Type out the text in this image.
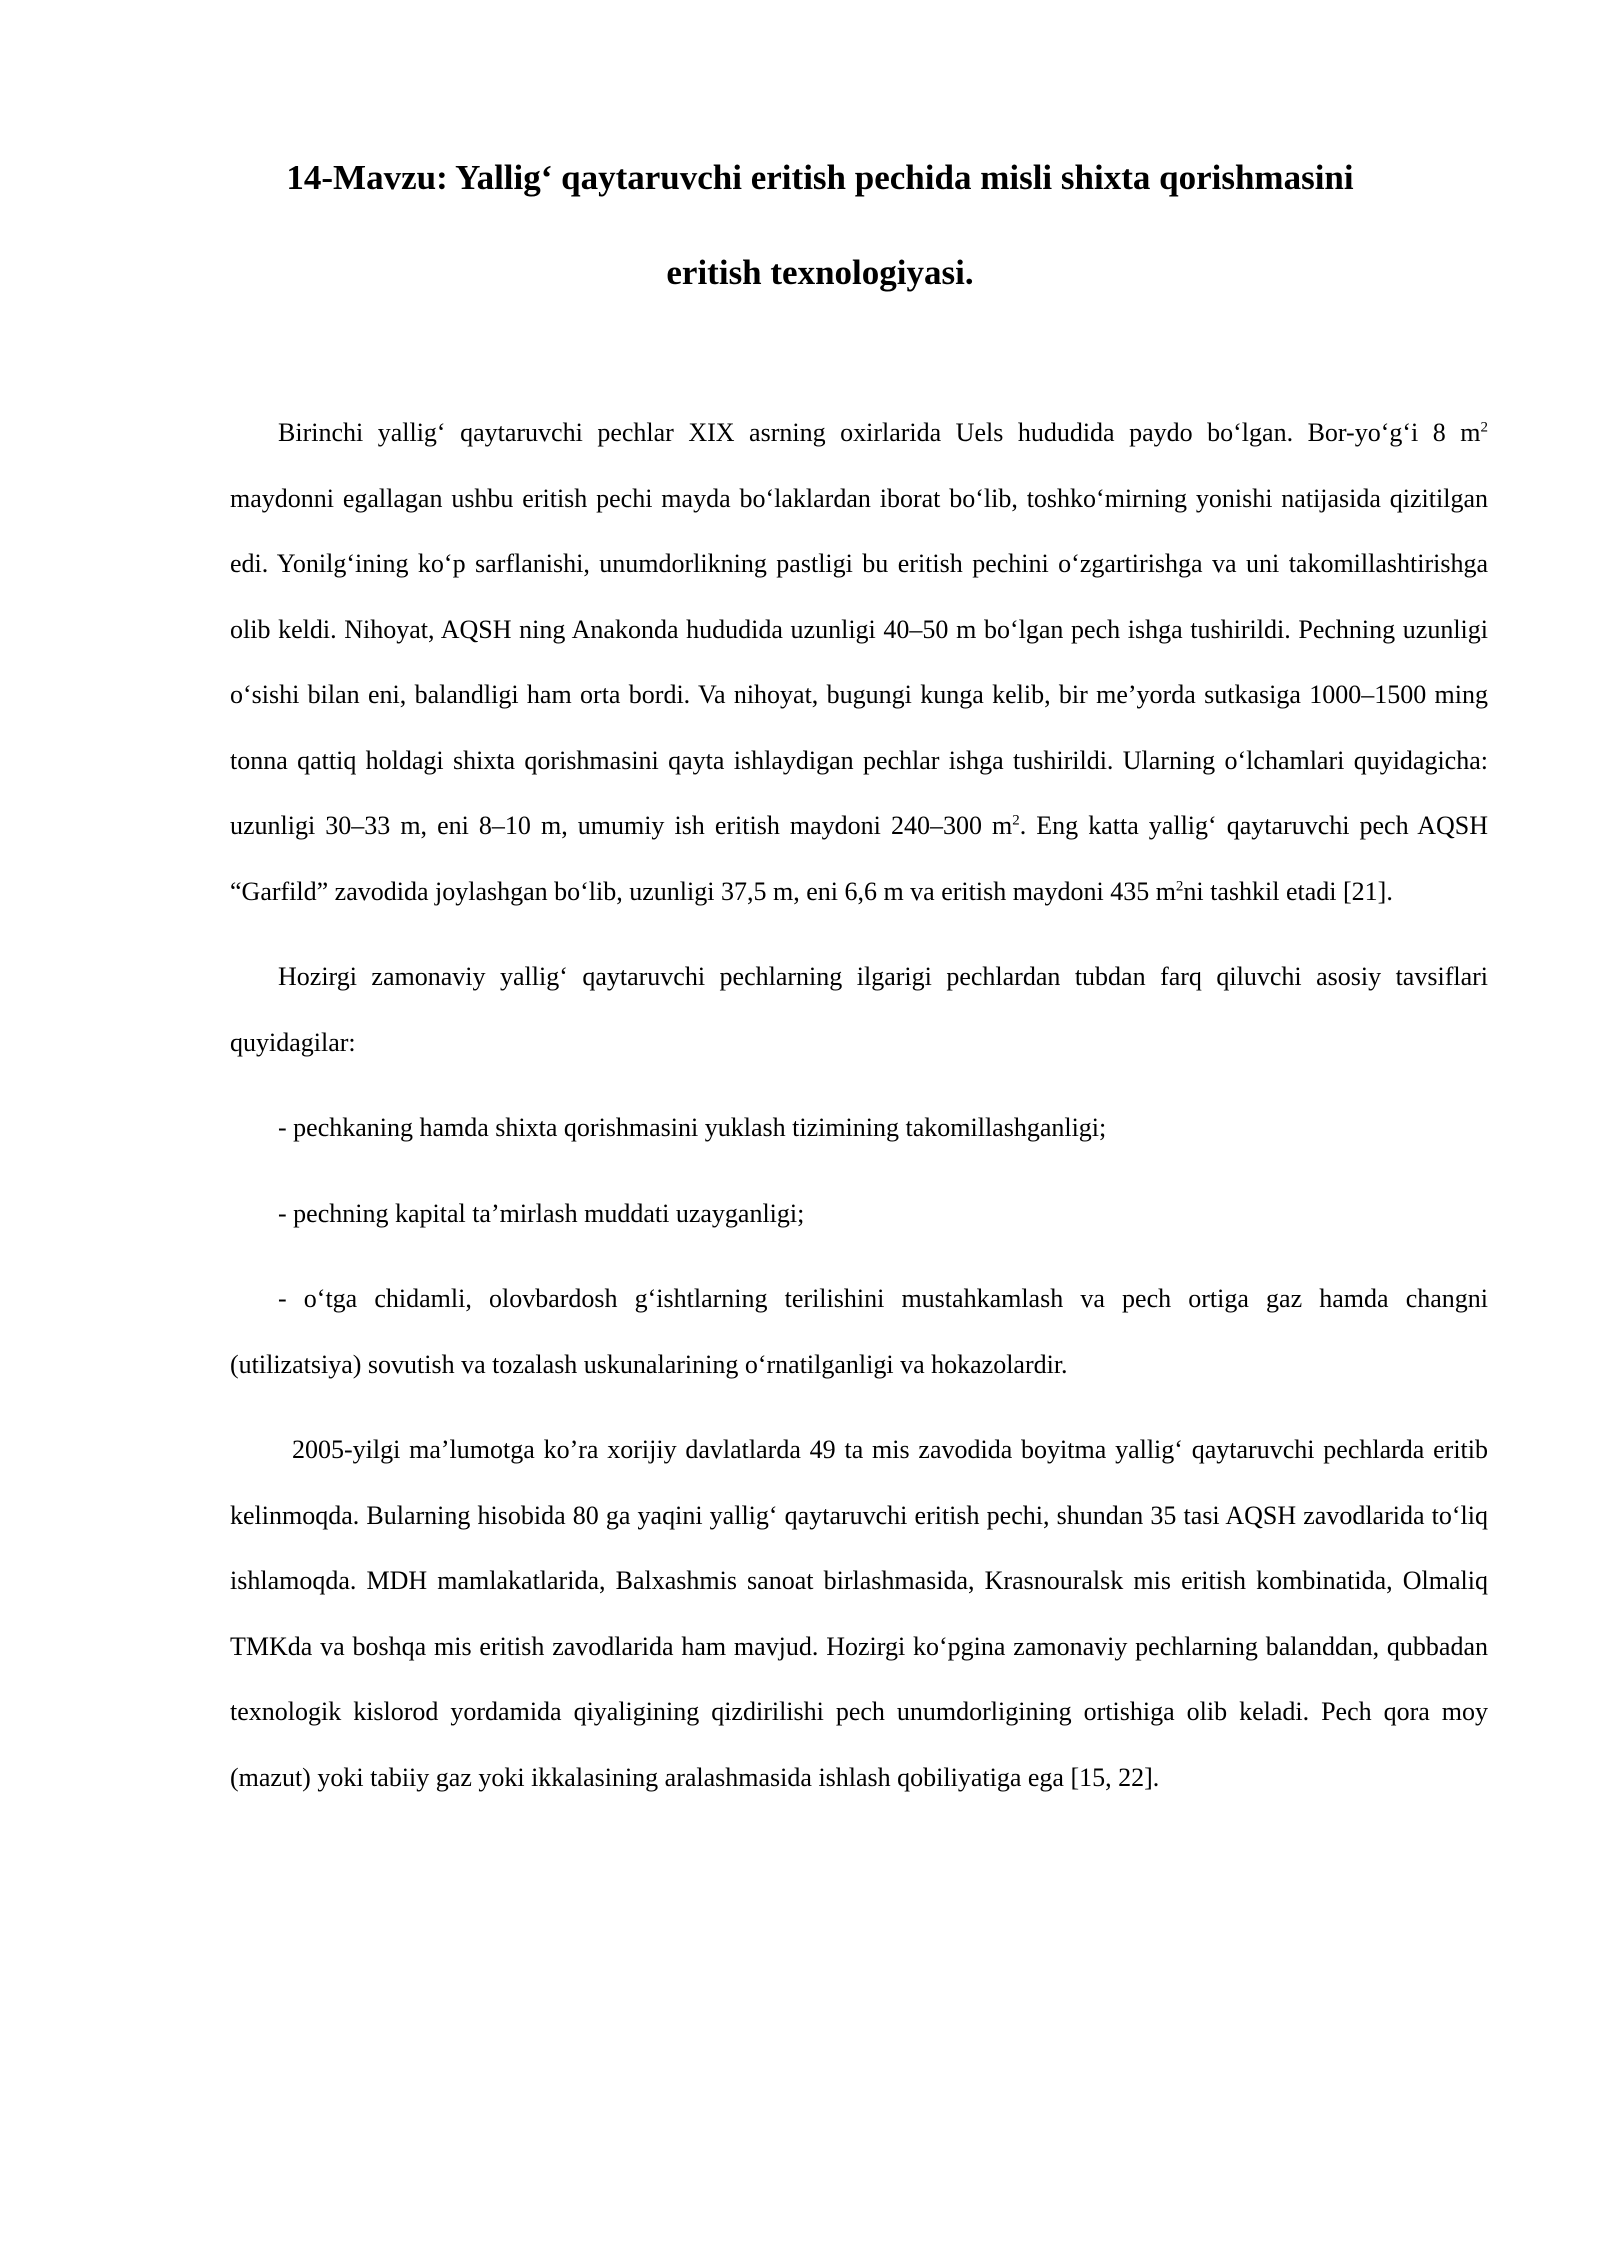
14-Mavzu: Yallig‘ qaytaruvchi eritish pechida misli shixta qorishmasini
eritish texnologiyasi.

Birinchi yallig‘ qaytaruvchi pechlar XIX asrning oxirlarida Uels hududida paydo bo‘lgan. Bor-yo‘g‘i 8 $m^2$ maydonni egallagan ushbu eritish pechi mayda bo‘laklardan iborat bo‘lib, toshko‘mirning yonishi natijasida qizitilgan edi. Yonilg‘ining ko‘p sarflanishi, unumdorlikning pastligi bu eritish pechini o‘zgartirishga va uni takomillashtirishga olib keldi. Nihoyat, AQSH ning Anakonda hududida uzunligi 40–50 m bo‘lgan pech ishga tushirildi. Pechning uzunligi o‘sishi bilan eni, balandligi ham orta bordi. Va nihoyat, bugungi kunga kelib, bir me’yorda sutkasiga 1000–1500 ming tonna qattiq holdagi shixta qorishmasini qayta ishlaydigan pechlar ishga tushirildi. Ularning o‘lchamlari quyidagicha: uzunligi 30–33 m, eni 8–10 m, umumiy ish eritish maydoni 240–300 $m^2$. Eng katta yallig‘ qaytaruvchi pech AQSH “Garfild” zavodida joylashgan bo‘lib, uzunligi 37,5 m, eni 6,6 m va eritish maydoni 435 $m^2ni$ tashkil etadi [21].

Hozirgi zamonaviy yallig‘ qaytaruvchi pechlarning ilgarigi pechlardan tubdan farq qiluvchi asosiy tavsiflari quyidagilar:

- pechkaning hamda shixta qorishmasini yuklash tizimining takomillashganligi;

- pechning kapital ta’mirlash muddati uzayganligi;

- o‘tga chidamli, olovbardosh g‘ishtlarning terilishini mustahkamlash va pech ortiga gaz hamda changni (utilizatsiya) sovutish va tozalash uskunalarining o‘rnatilganligi va hokazolardir.

2005-yilgi ma’lumotga ko’ra xorijiy davlatlarda 49 ta mis zavodida boyitma yallig‘ qaytaruvchi pechlarda eritib kelinmoqda. Bularning hisobida 80 ga yaqini yallig‘ qaytaruvchi eritish pechi, shundan 35 tasi AQSH zavodlarida to‘liq ishlamoqda. MDH mamlakatlarida, Balxashmis sanoat birlashmasida, Krasnouralsk mis eritish kombinatida, Olmaliq TMKda va boshqa mis eritish zavodlarida ham mavjud. Hozirgi ko‘pgina zamonaviy pechlarning balanddan, qubbadan texnologik kislorod yordamida qiyaligining qizdirilishi pech unumdorligining ortishiga olib keladi. Pech qora moy (mazut) yoki tabiiy gaz yoki ikkalasining aralashmasida ishlash qobiliyatiga ega [15, 22].
